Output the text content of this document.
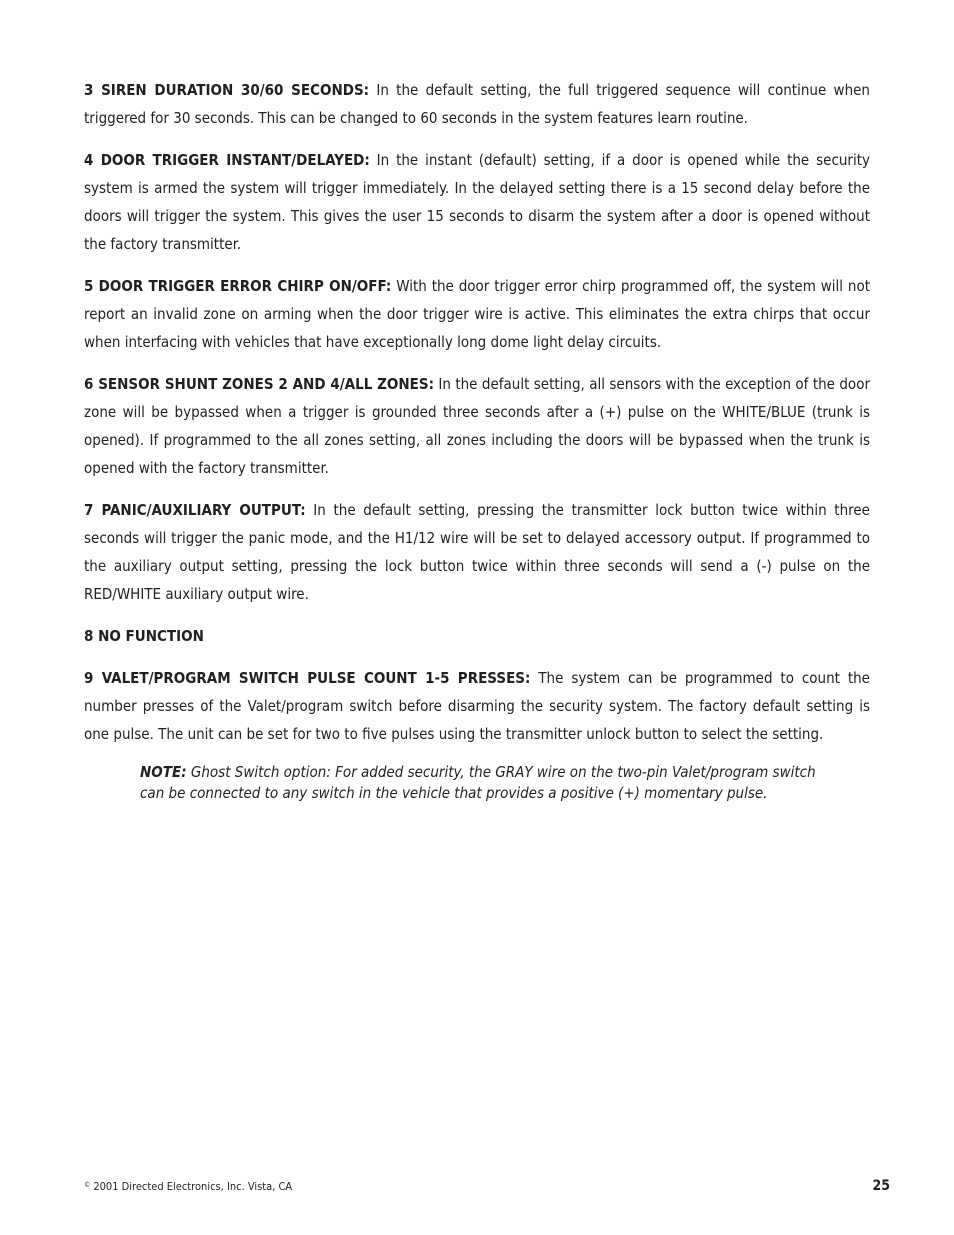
3 SIREN DURATION 30/60 SECONDS: In the default setting, the full triggered sequence will continue when triggered for 30 seconds. This can be changed to 60 seconds in the system features learn routine.

4 DOOR TRIGGER INSTANT/DELAYED: In the instant (default) setting, if a door is opened while the security system is armed the system will trigger immediately. In the delayed setting there is a 15 second delay before the doors will trigger the system. This gives the user 15 seconds to disarm the system after a door is opened without the factory transmitter.

5 DOOR TRIGGER ERROR CHIRP ON/OFF: With the door trigger error chirp programmed off, the system will not report an invalid zone on arming when the door trigger wire is active. This eliminates the extra chirps that occur when interfacing with vehicles that have exceptionally long dome light delay circuits.

6 SENSOR SHUNT ZONES 2 AND 4/ALL ZONES: In the default setting, all sensors with the exception of the door zone will be bypassed when a trigger is grounded three seconds after a (+) pulse on the WHITE/BLUE (trunk is opened). If programmed to the all zones setting, all zones including the doors will be bypassed when the trunk is opened with the factory transmitter.

7 PANIC/AUXILIARY OUTPUT: In the default setting, pressing the transmitter lock button twice within three seconds will trigger the panic mode, and the H1/12 wire will be set to delayed accessory output. If programmed to the auxiliary output setting, pressing the lock button twice within three seconds will send a (-) pulse on the RED/WHITE auxiliary output wire.

8 NO FUNCTION

9 VALET/PROGRAM SWITCH PULSE COUNT 1-5 PRESSES: The system can be programmed to count the number presses of the Valet/program switch before disarming the security system. The factory default setting is one pulse. The unit can be set for two to five pulses using the transmitter unlock button to select the setting.

NOTE: Ghost Switch option: For added security, the GRAY wire on the two-pin Valet/program switch can be connected to any switch in the vehicle that provides a positive (+) momentary pulse.

© 2001 Directed Electronics, Inc. Vista, CA	25
